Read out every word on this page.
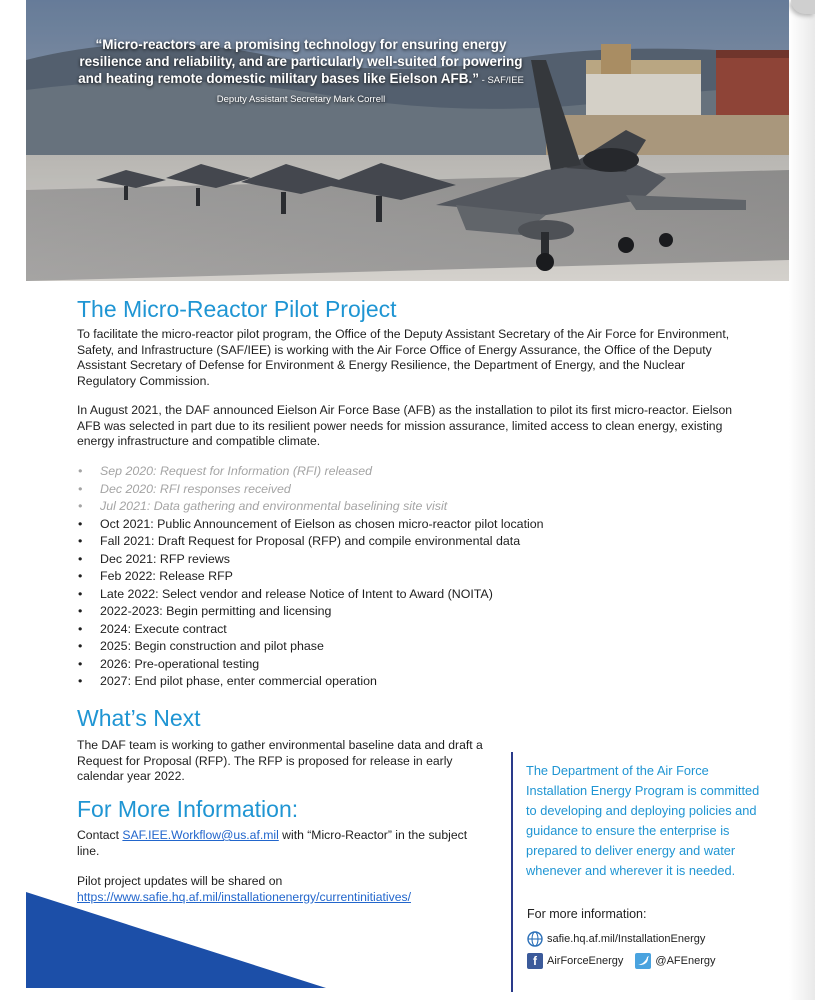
“Micro-reactors are a promising technology for ensuring energy resilience and reliability, and are particularly well-suited for powering and heating remote domestic military bases like Eielson AFB.” - SAF/IEE Deputy Assistant Secretary Mark Correll
The Micro-Reactor Pilot Project

To facilitate the micro-reactor pilot program, the Office of the Deputy Assistant Secretary of the Air Force for Environment, Safety, and Infrastructure (SAF/IEE) is working with the Air Force Office of Energy Assurance, the Office of the Deputy Assistant Secretary of Defense for Environment & Energy Resilience, the Department of Energy, and the Nuclear Regulatory Commission.

In August 2021, the DAF announced Eielson Air Force Base (AFB) as the installation to pilot its first micro-reactor. Eielson AFB was selected in part due to its resilient power needs for mission assurance, limited access to clean energy, existing energy infrastructure and compatible climate.

• Sep 2020: Request for Information (RFI) released
• Dec 2020: RFI responses received
• Jul 2021: Data gathering and environmental baselining site visit
• Oct 2021: Public Announcement of Eielson as chosen micro-reactor pilot location
• Fall 2021: Draft Request for Proposal (RFP) and compile environmental data
• Dec 2021: RFP reviews
• Feb 2022: Release RFP
• Late 2022: Select vendor and release Notice of Intent to Award (NOITA)
• 2022-2023: Begin permitting and licensing
• 2024: Execute contract
• 2025: Begin construction and pilot phase
• 2026: Pre-operational testing
• 2027: End pilot phase, enter commercial operation
What’s Next

The DAF team is working to gather environmental baseline data and draft a Request for Proposal (RFP). The RFP is proposed for release in early calendar year 2022.

For More Information:

Contact SAF.IEE.Workflow@us.af.mil with “Micro-Reactor” in the subject line.

Pilot project updates will be shared on
https://www.safie.hq.af.mil/installationenergy/currentinitiatives/

The Department of the Air Force Installation Energy Program is committed to developing and deploying policies and guidance to ensure the enterprise is prepared to deliver energy and water whenever and wherever it is needed.
For more information:
safie.hq.af.mil/InstallationEnergy
f AirForceEnergy	@AFEnergy
